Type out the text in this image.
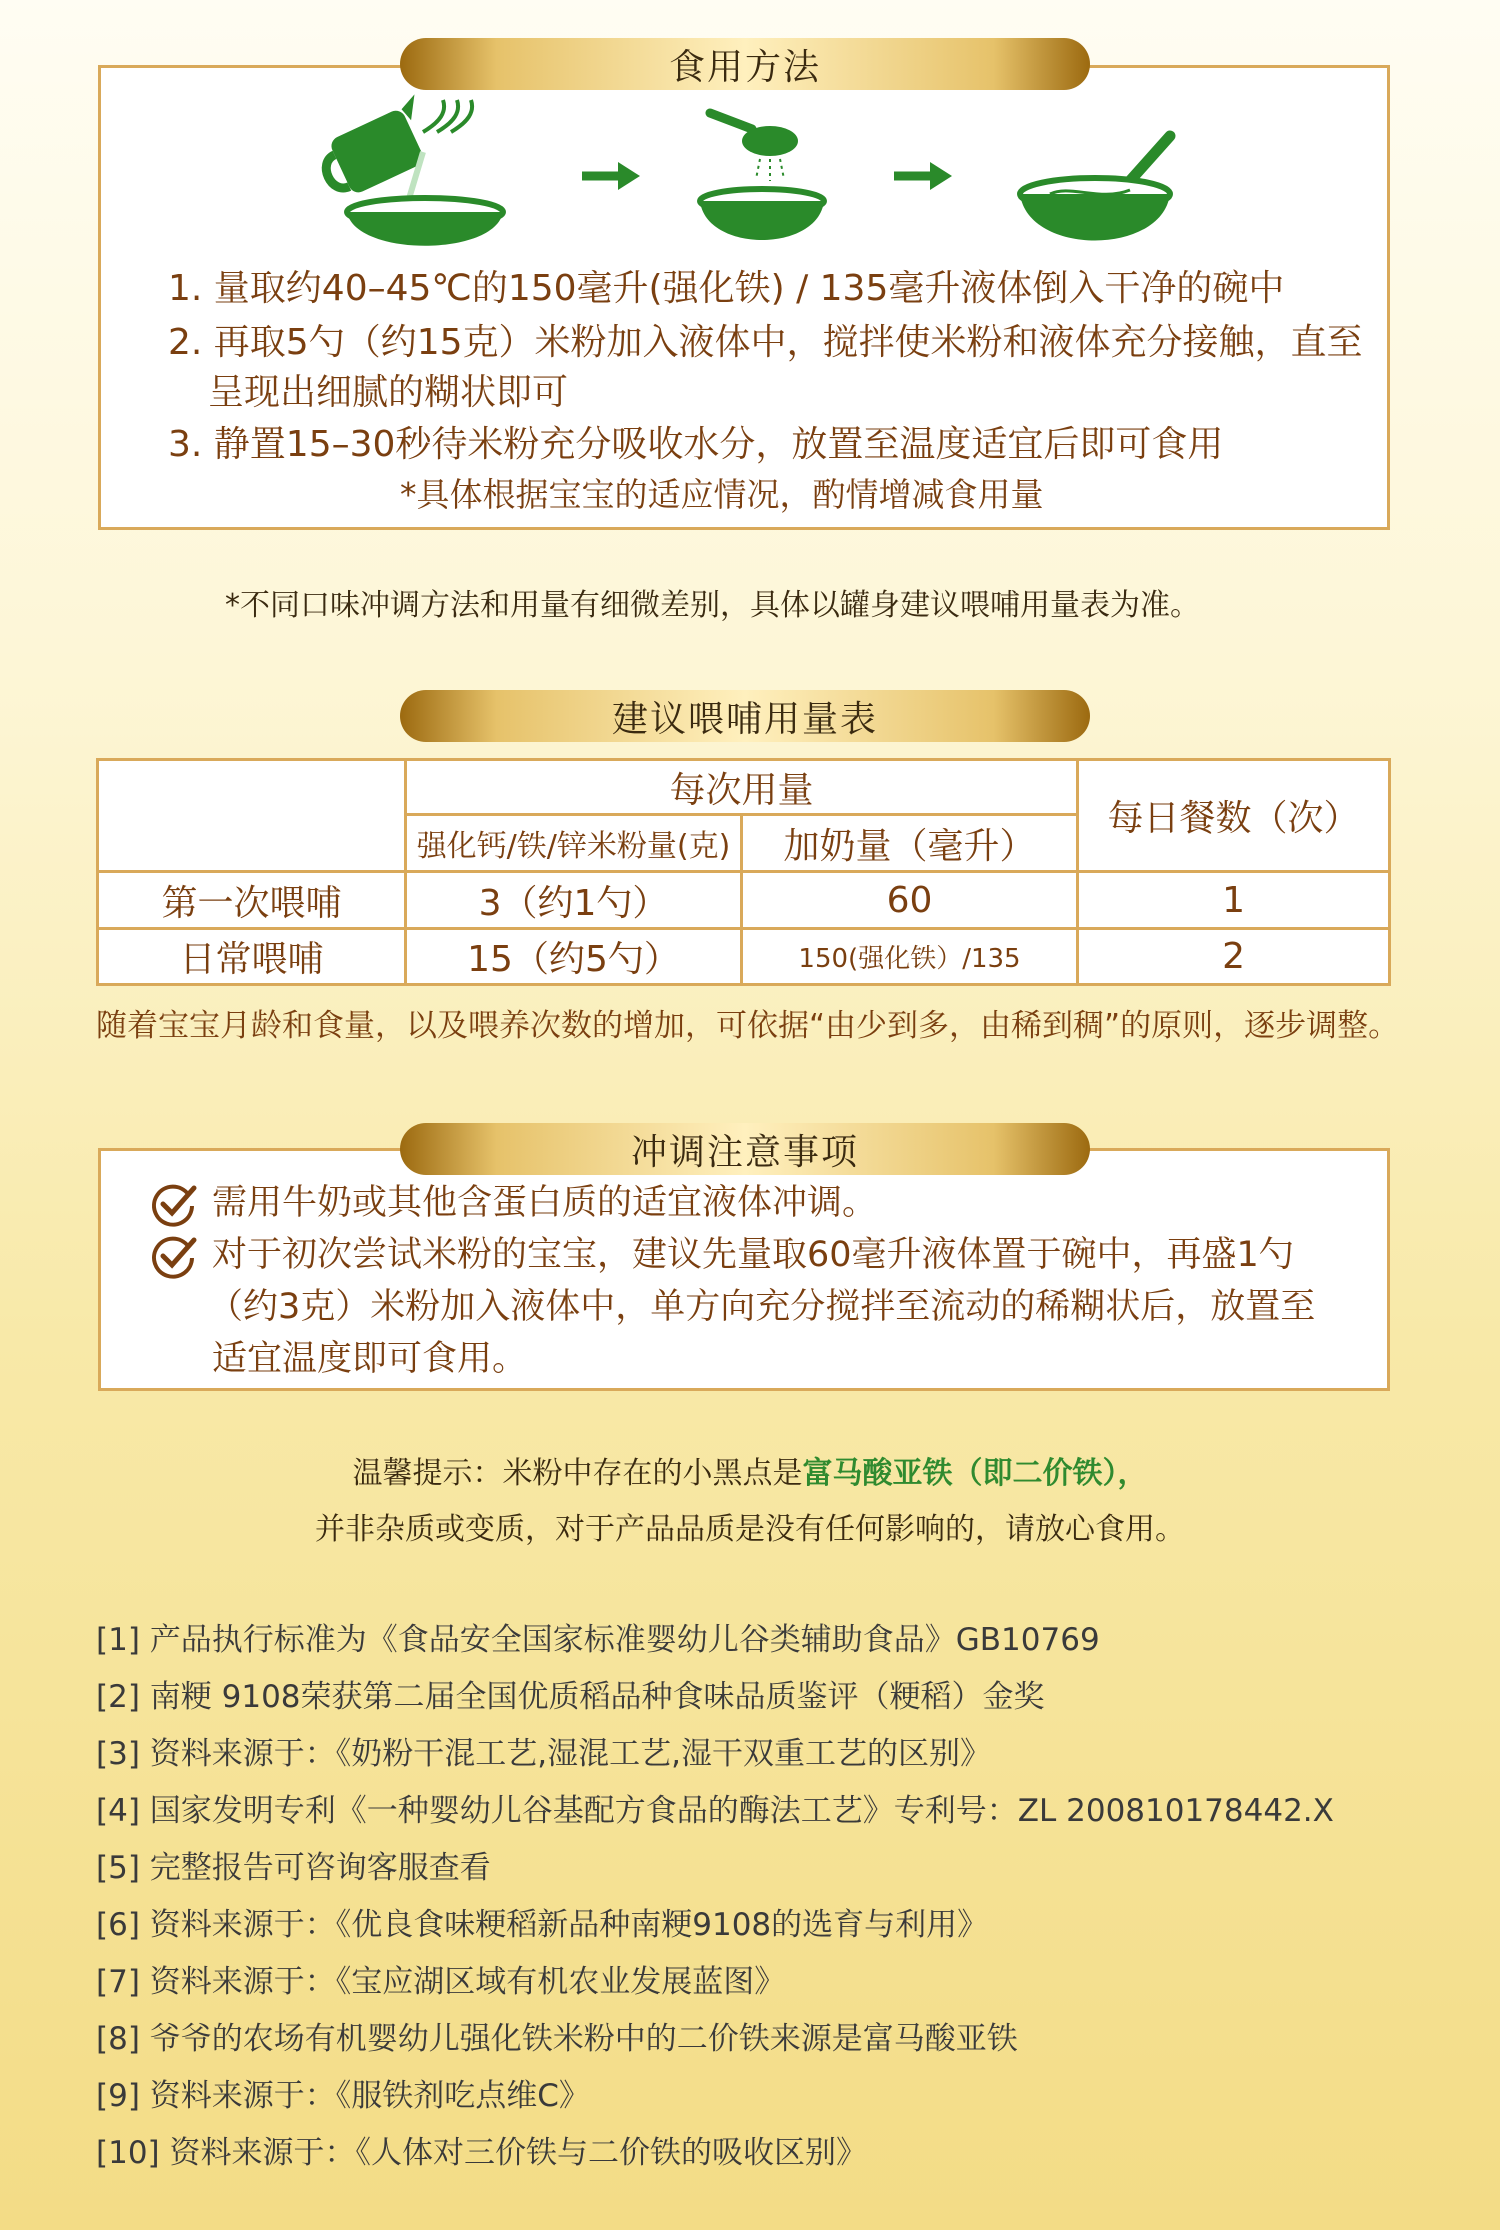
食用方法
1. 量取约40–45℃的150毫升(强化铁) / 135毫升液体倒入干净的碗中
2. 再取5勺（约15克）米粉加入液体中，搅拌使米粉和液体充分接触，直至
呈现出细腻的糊状即可
3. 静置15–30秒待米粉充分吸收水分，放置至温度适宜后即可食用
*具体根据宝宝的适应情况，酌情增减食用量
*不同口味冲调方法和用量有细微差别，具体以罐身建议喂哺用量表为准。
建议喂哺用量表
	每次用量		每日餐数（次）
	强化钙/铁/锌米粉量(克)	加奶量（毫升）	
第一次喂哺	3（约1勺）	60	1
日常喂哺	15（约5勺）	150(强化铁）/135	2
随着宝宝月龄和食量，以及喂养次数的增加，可依据“由少到多，由稀到稠”的原则，逐步调整。
冲调注意事项
需用牛奶或其他含蛋白质的适宜液体冲调。
对于初次尝试米粉的宝宝，建议先量取60毫升液体置于碗中，再盛1勺
（约3克）米粉加入液体中，单方向充分搅拌至流动的稀糊状后，放置至
适宜温度即可食用。
温馨提示：米粉中存在的小黑点是富马酸亚铁（即二价铁），
并非杂质或变质，对于产品品质是没有任何影响的，请放心食用。
[1] 产品执行标准为《食品安全国家标准婴幼儿谷类辅助食品》GB10769
[2] 南粳 9108荣获第二届全国优质稻品种食味品质鉴评（粳稻）金奖
[3] 资料来源于：《奶粉干混工艺,湿混工艺,湿干双重工艺的区别》
[4] 国家发明专利《一种婴幼儿谷基配方食品的酶法工艺》专利号：ZL 200810178442.X
[5] 完整报告可咨询客服查看
[6] 资料来源于：《优良食味粳稻新品种南粳9108的选育与利用》
[7] 资料来源于：《宝应湖区域有机农业发展蓝图》
[8] 爷爷的农场有机婴幼儿强化铁米粉中的二价铁来源是富马酸亚铁
[9] 资料来源于：《服铁剂吃点维C》
[10] 资料来源于：《人体对三价铁与二价铁的吸收区别》
